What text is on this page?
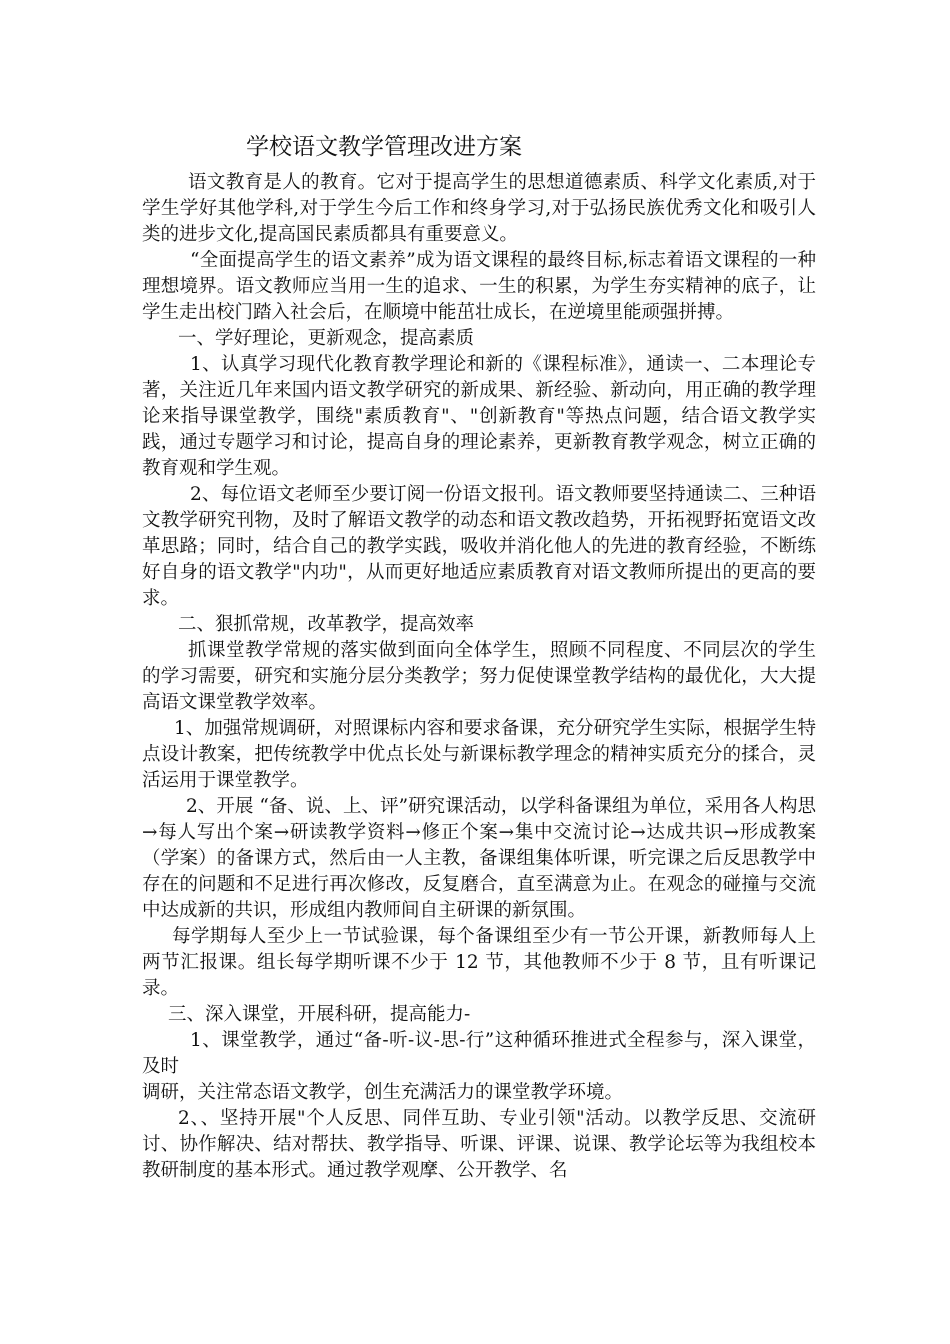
学校语文教学管理改进方案

语文教育是人的教育。它对于提高学生的思想道德素质、科学文化素质,对于学生学好其他学科,对于学生今后工作和终身学习,对于弘扬民族优秀文化和吸引人类的进步文化,提高国民素质都具有重要意义。

“全面提高学生的语文素养”成为语文课程的最终目标,标志着语文课程的一种理想境界。语文教师应当用一生的追求、一生的积累，为学生夯实精神的底子，让学生走出校门踏入社会后，在顺境中能茁壮成长，在逆境里能顽强拼搏。

一、学好理论，更新观念，提高素质

1、认真学习现代化教育教学理论和新的《课程标准》，通读一、二本理论专著，关注近几年来国内语文教学研究的新成果、新经验、新动向，用正确的教学理论来指导课堂教学，围绕"素质教育"、"创新教育"等热点问题，结合语文教学实践，通过专题学习和讨论，提高自身的理论素养，更新教育教学观念，树立正确的教育观和学生观。

2、每位语文老师至少要订阅一份语文报刊。语文教师要坚持通读二、三种语文教学研究刊物，及时了解语文教学的动态和语文教改趋势，开拓视野拓宽语文改革思路；同时，结合自己的教学实践，吸收并消化他人的先进的教育经验，不断练好自身的语文教学"内功"，从而更好地适应素质教育对语文教师所提出的更高的要求。

二、狠抓常规，改革教学，提高效率

抓课堂教学常规的落实做到面向全体学生，照顾不同程度、不同层次的学生的学习需要，研究和实施分层分类教学；努力促使课堂教学结构的最优化，大大提高语文课堂教学效率。

1、加强常规调研，对照课标内容和要求备课，充分研究学生实际，根据学生特点设计教案，把传统教学中优点长处与新课标教学理念的精神实质充分的揉合，灵活运用于课堂教学。

2、开展 “备、说、上、评”研究课活动，以学科备课组为单位，采用各人构思→每人写出个案→研读教学资料→修正个案→集中交流讨论→达成共识→形成教案（学案）的备课方式，然后由一人主教，备课组集体听课，听完课之后反思教学中存在的问题和不足进行再次修改，反复磨合，直至满意为止。在观念的碰撞与交流中达成新的共识，形成组内教师间自主研课的新氛围。

每学期每人至少上一节试验课，每个备课组至少有一节公开课，新教师每人上两节汇报课。组长每学期听课不少于 12 节，其他教师不少于 8 节，且有听课记录。

三、深入课堂，开展科研，提高能力-

1、课堂教学，通过“备-听-议-思-行”这种循环推进式全程参与，深入课堂， 及时

调研，关注常态语文教学，创生充满活力的课堂教学环境。

2、、坚持开展"个人反思、同伴互助、专业引领"活动。以教学反思、交流研讨、协作解决、结对帮扶、教学指导、听课、评课、说课、教学论坛等为我组校本教研制度的基本形式。通过教学观摩、公开教学、名
